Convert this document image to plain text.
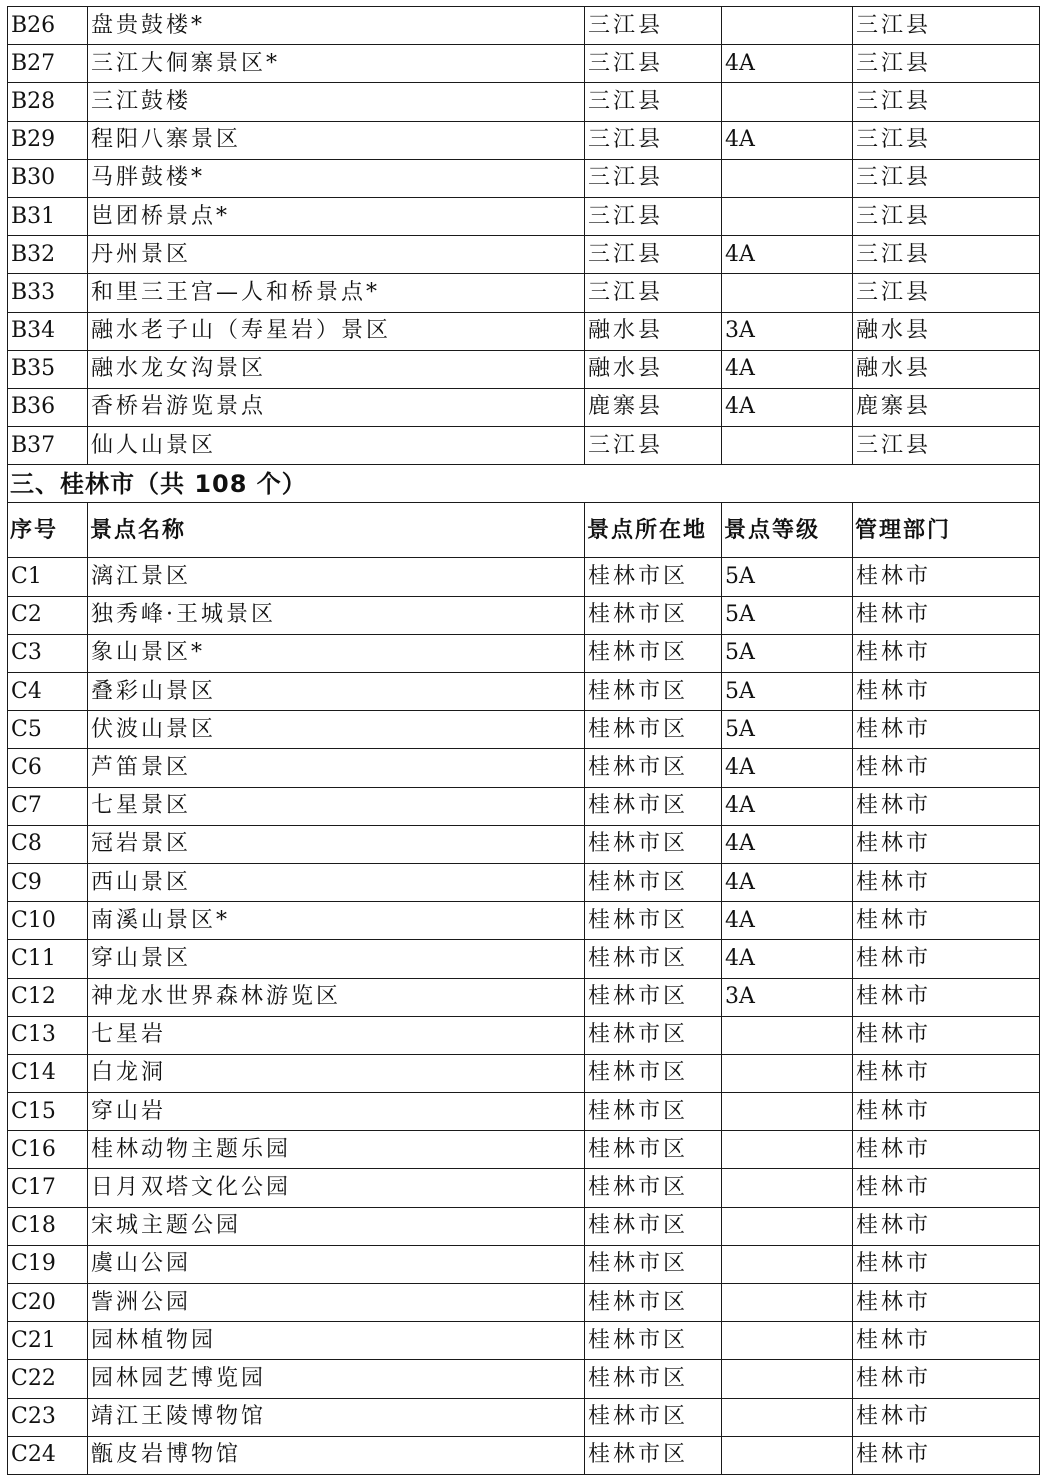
B26	盘贵鼓楼*	三江县		三江县
B27	三江大侗寨景区*	三江县	4A	三江县
B28	三江鼓楼	三江县		三江县
B29	程阳八寨景区	三江县	4A	三江县
B30	马胖鼓楼*	三江县		三江县
B31	岜团桥景点*	三江县		三江县
B32	丹州景区	三江县	4A	三江县
B33	和里三王宫—人和桥景点*	三江县		三江县
B34	融水老子山（寿星岩）景区	融水县	3A	融水县
B35	融水龙女沟景区	融水县	4A	融水县
B36	香桥岩游览景点	鹿寨县	4A	鹿寨县
B37	仙人山景区	三江县		三江县
三、桂林市（共 108 个）				
序号	景点名称	景点所在地	景点等级	管理部门
C1	漓江景区	桂林市区	5A	桂林市
C2	独秀峰·王城景区	桂林市区	5A	桂林市
C3	象山景区*	桂林市区	5A	桂林市
C4	叠彩山景区	桂林市区	5A	桂林市
C5	伏波山景区	桂林市区	5A	桂林市
C6	芦笛景区	桂林市区	4A	桂林市
C7	七星景区	桂林市区	4A	桂林市
C8	冠岩景区	桂林市区	4A	桂林市
C9	西山景区	桂林市区	4A	桂林市
C10	南溪山景区*	桂林市区	4A	桂林市
C11	穿山景区	桂林市区	4A	桂林市
C12	神龙水世界森林游览区	桂林市区	3A	桂林市
C13	七星岩	桂林市区		桂林市
C14	白龙洞	桂林市区		桂林市
C15	穿山岩	桂林市区		桂林市
C16	桂林动物主题乐园	桂林市区		桂林市
C17	日月双塔文化公园	桂林市区		桂林市
C18	宋城主题公园	桂林市区		桂林市
C19	虞山公园	桂林市区		桂林市
C20	訾洲公园	桂林市区		桂林市
C21	园林植物园	桂林市区		桂林市
C22	园林园艺博览园	桂林市区		桂林市
C23	靖江王陵博物馆	桂林市区		桂林市
C24	甑皮岩博物馆	桂林市区		桂林市
